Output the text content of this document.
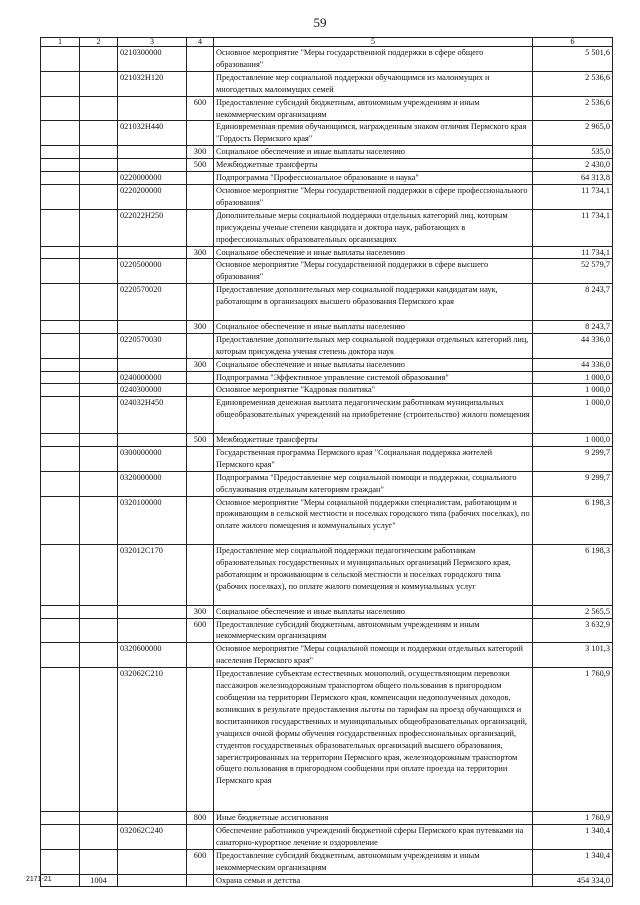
59
1	2	3	4	5	6
		0210300000		Основное мероприятие "Меры государственной поддержки в сфере общего образования"	5 501,6
		021032H120		Предоставление мер социальной поддержки обучающимся из малоимущих и многодетных малоимущих семей	2 536,6
			600	Предоставление субсидий бюджетным, автономным учреждениям и иным некоммерческим организациям	2 536,6
		021032H440		Единовременная премия обучающимся, награжденным знаком отличия Пермского края "Гордость Пермского края"	2 965,0
			300	Социальное обеспечение и иные выплаты населению	535,0
			500	Межбюджетные трансферты	2 430,0
		0220000000		Подпрограмма "Профессиональное образование и наука"	64 313,8
		0220200000		Основное мероприятие "Меры государственной поддержки в сфере профессионального образования"	11 734,1
		022022H250		Дополнительные меры социальной поддержки отдельных категорий лиц, которым присуждены ученые степени кандидата и доктора наук, работающих в профессиональных образовательных организациях	11 734,1
			300	Социальное обеспечение и иные выплаты населению	11 734,1
		0220500000		Основное мероприятие "Меры государственной поддержки в сфере высшего образования"	52 579,7
		0220570020		Предоставление дополнительных мер социальной поддержки кандидатам наук, работающим в организациях высшего образования Пермского края	8 243,7
			300	Социальное обеспечение и иные выплаты населению	8 243,7
		0220570030		Предоставление дополнительных мер социальной поддержки отдельных категорий лиц, которым присуждена ученая степень доктора наук	44 336,0
			300	Социальное обеспечение и иные выплаты населению	44 336,0
		0240000000		Подпрограмма "Эффективное управление системой образования"	1 000,0
		0240300000		Основное мероприятие "Кадровая политика"	1 000,0
		024032H450		Единовременная денежная выплата педагогическим работникам муниципальных общеобразовательных учреждений на приобретение (строительство) жилого помещения	1 000,0
			500	Межбюджетные трансферты	1 000,0
		0300000000		Государственная программа Пермского края "Социальная поддержка жителей Пермского края"	9 299,7
		0320000000		Подпрограмма "Предоставление мер социальной помощи и поддержки, социального обслуживания отдельным категориям граждан"	9 299,7
		0320100000		Основное мероприятие "Меры социальной поддержки специалистам, работающим и проживающим в сельской местности и поселках городского типа (рабочих поселках), по оплате жилого помещения и коммунальных услуг"	6 198,3
		032012С170		Предоставление мер социальной поддержки педагогическим работникам образовательных государственных и муниципальных организаций Пермского края, работающим и проживающим в сельской местности и поселках городского типа (рабочих поселках), по оплате жилого помещения и коммунальных услуг	6 198,3
			300	Социальное обеспечение и иные выплаты населению	2 565,5
			600	Предоставление субсидий бюджетным, автономным учреждениям и иным некоммерческим организациям	3 632,9
		0320600000		Основное мероприятие "Меры социальной помощи и поддержки отдельных категорий населения Пермского края"	3 101,3
		032062С210		Предоставление субъектам естественных монополий, осуществляющим перевозки пассажиров железнодорожным транспортом общего пользования в пригородном сообщении на территории Пермского края, компенсации недополученных доходов, возникших в результате предоставления льготы по тарифам на проезд обучающихся и воспитанников государственных и муниципальных общеобразовательных организаций, учащихся очной формы обучения государственных профессиональных организаций, студентов государственных образовательных организаций высшего образования, зарегистрированных на территории Пермского края, железнодорожным транспортом общего пользования в пригородном сообщении при оплате проезда на территории Пермского края	1 760,9
			800	Иные бюджетные ассигнования	1 760,9
		032062С240		Обеспечение работников учреждений бюджетной сферы Пермского края путевками на санаторно-курортное лечение и оздоровление	1 340,4
			600	Предоставление субсидий бюджетным, автономным учреждениям и иным некоммерческим организациям	1 340,4
	1004			Охрана семьи и детства	454 334,0
2171-21
